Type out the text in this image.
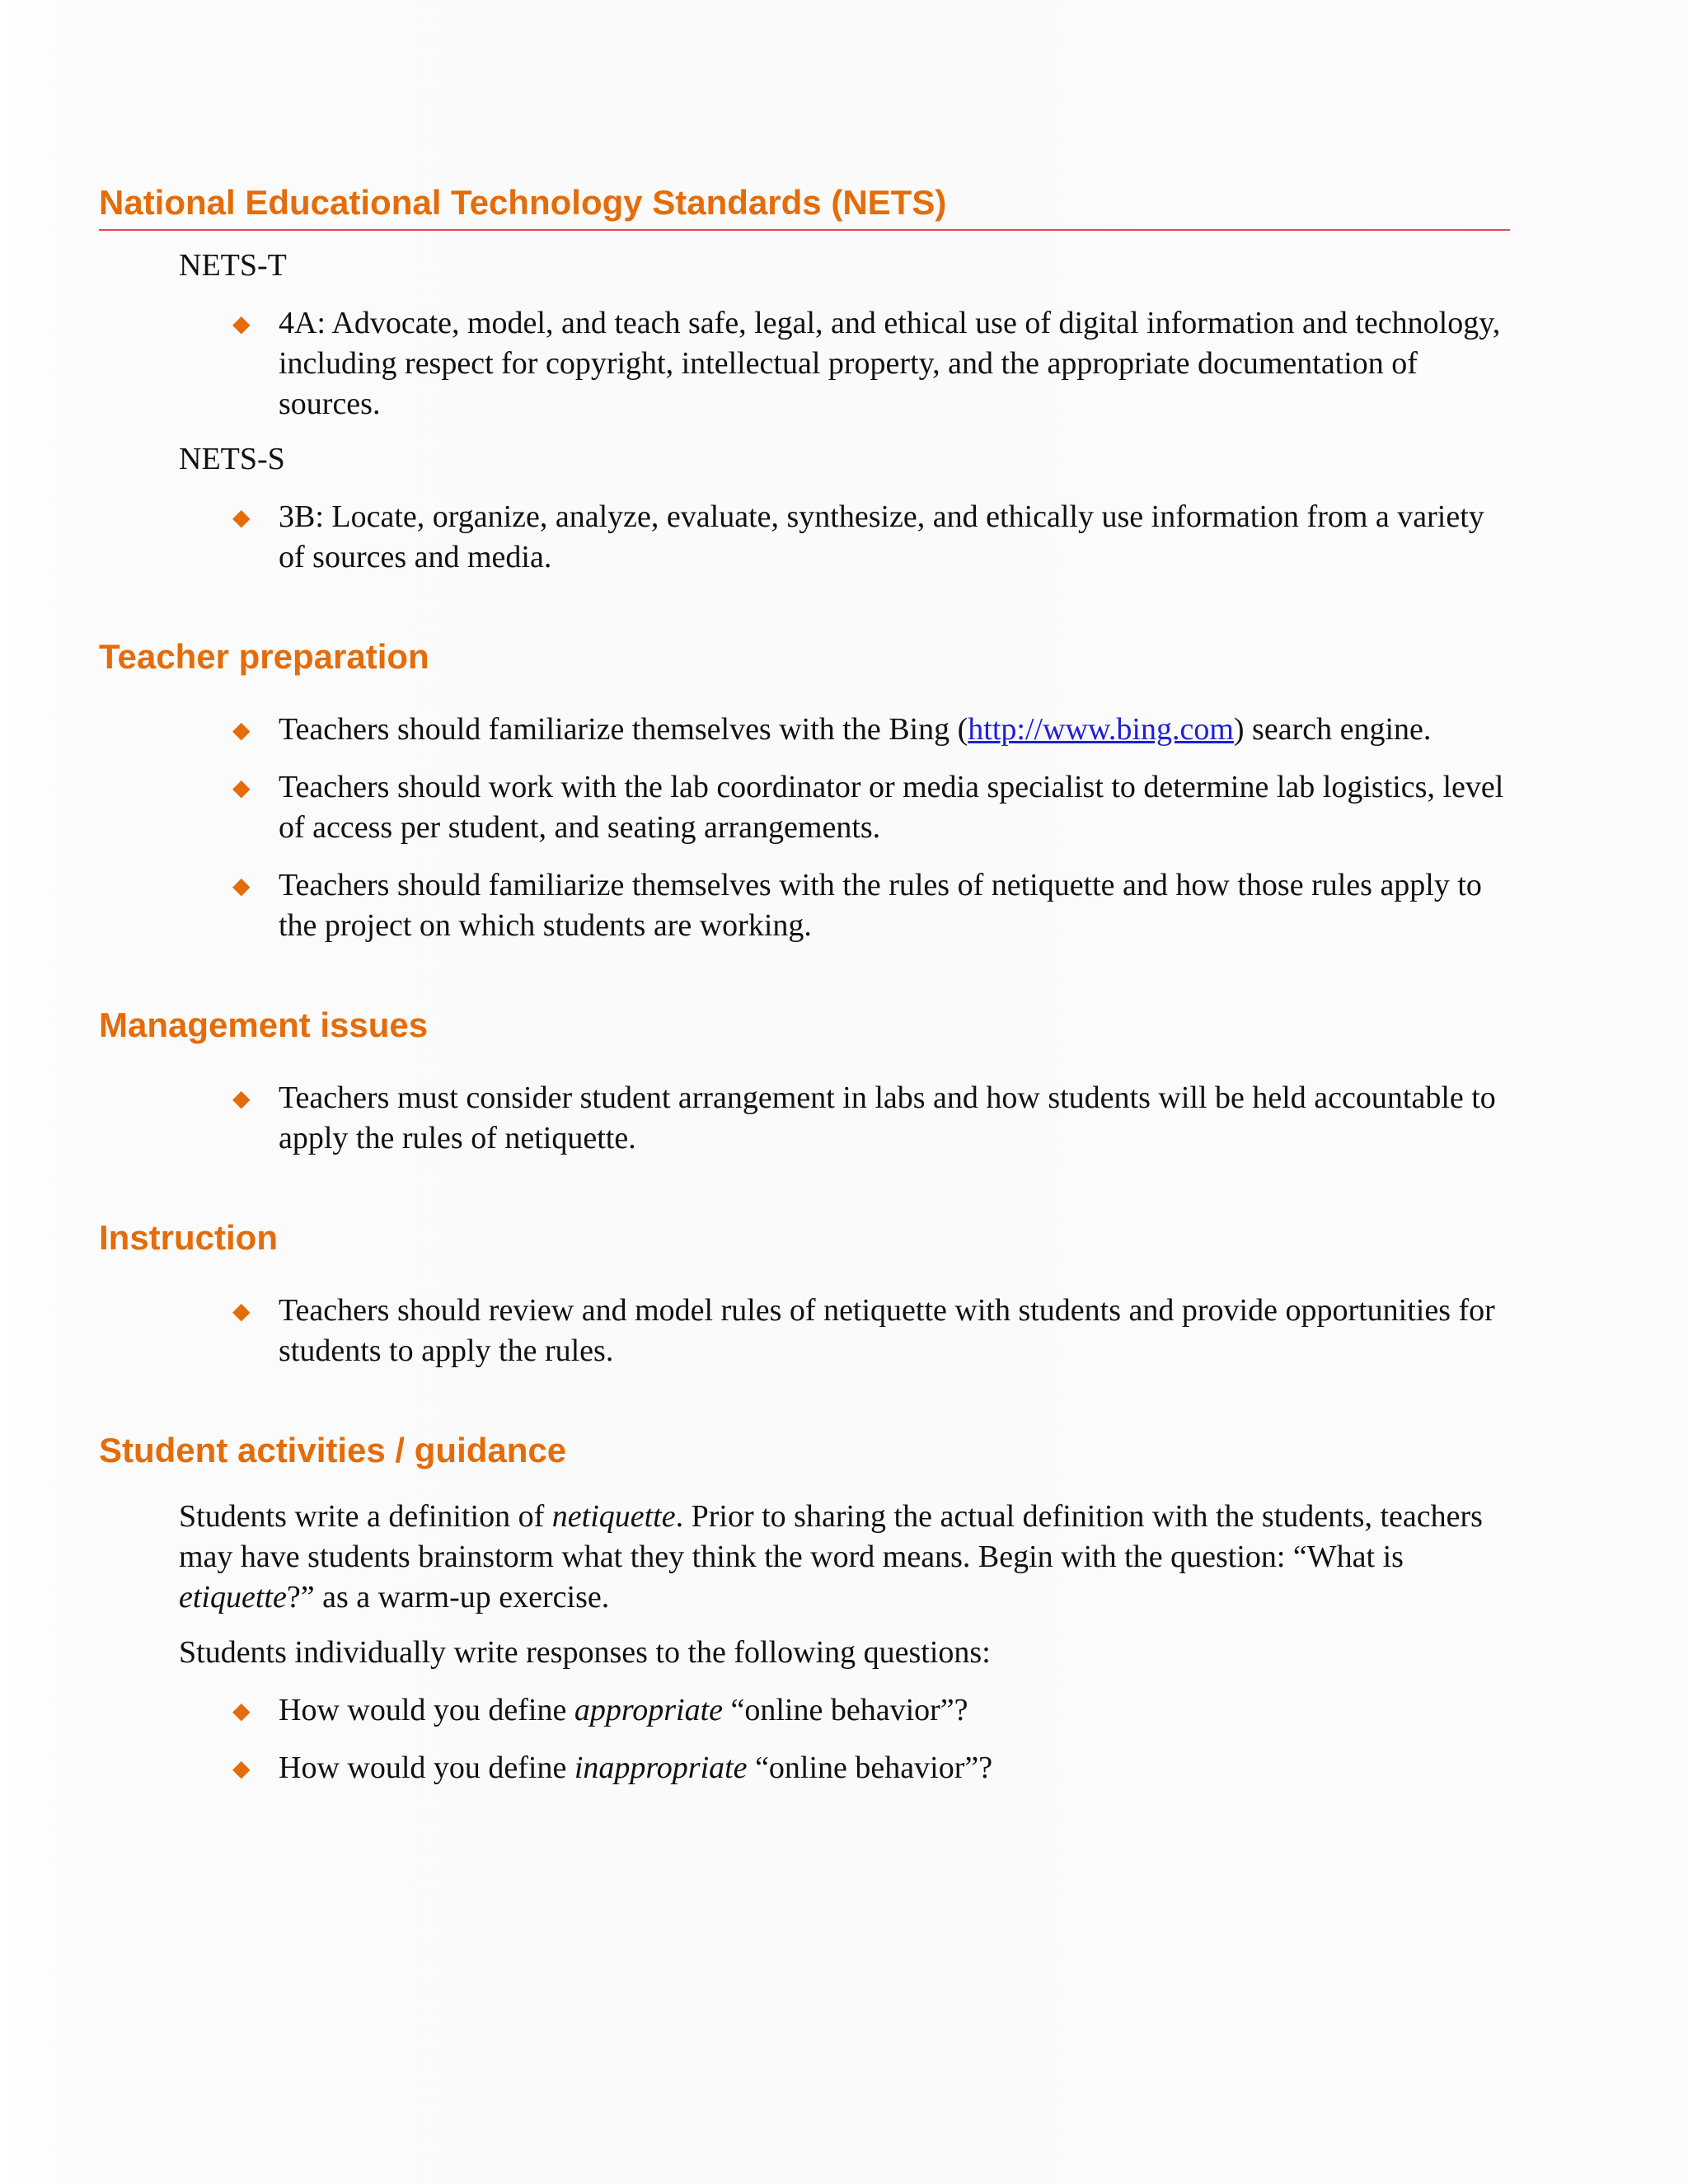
National Educational Technology Standards (NETS)
NETS-T
◆ 4A: Advocate, model, and teach safe, legal, and ethical use of digital information and technology, including respect for copyright, intellectual property, and the appropriate documentation of sources.
NETS-S
◆ 3B: Locate, organize, analyze, evaluate, synthesize, and ethically use information from a variety of sources and media.
Teacher preparation
◆ Teachers should familiarize themselves with the Bing (http://www.bing.com) search engine.
◆ Teachers should work with the lab coordinator or media specialist to determine lab logistics, level of access per student, and seating arrangements.
◆ Teachers should familiarize themselves with the rules of netiquette and how those rules apply to the project on which students are working.
Management issues
◆ Teachers must consider student arrangement in labs and how students will be held accountable to apply the rules of netiquette.
Instruction
◆ Teachers should review and model rules of netiquette with students and provide opportunities for students to apply the rules.
Student activities / guidance

Students write a definition of netiquette. Prior to sharing the actual definition with the students, teachers may have students brainstorm what they think the word means. Begin with the question: “What is etiquette?” as a warm-up exercise.

Students individually write responses to the following questions:

◆ How would you define appropriate “online behavior”?
◆ How would you define inappropriate “online behavior”?
